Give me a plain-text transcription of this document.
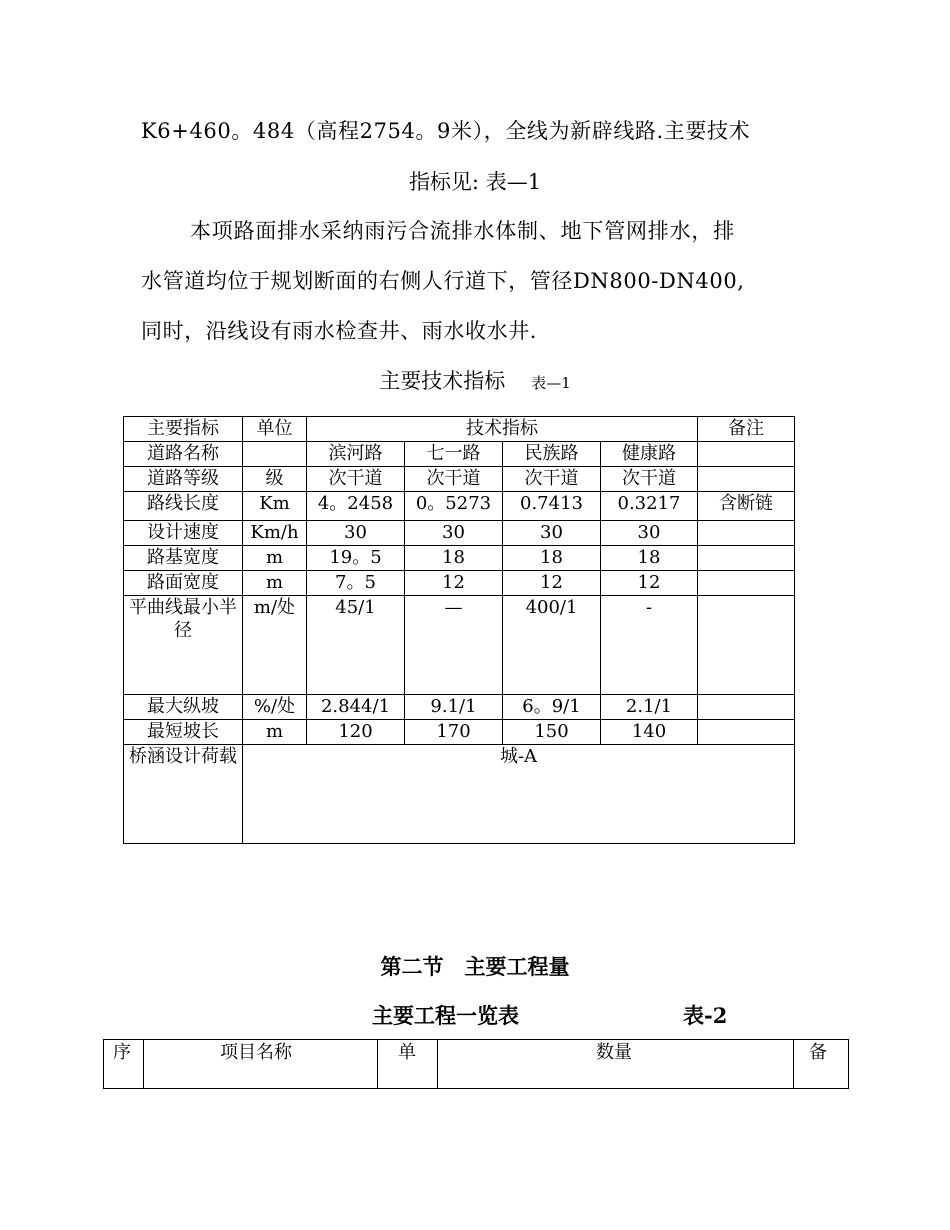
K6+460。484（高程2754。9米），全线为新辟线路.主要技术
指标见: 表—1
本项路面排水采纳雨污合流排水体制、地下管网排水，排
水管道均位于规划断面的右侧人行道下，管径DN800-DN400,
同时，沿线设有雨水检查井、雨水收水井.
主要技术指标 表—1
主要指标	单位	技术指标				备注
道路名称		滨河路	七一路	民族路	健康路	
道路等级	级	次干道	次干道	次干道	次干道	
路线长度	Km	4。2458	0。5273	0.7413	0.3217	含断链
设计速度	Km/h	30	30	30	30	
路基宽度	m	19。5	18	18	18	
路面宽度	m	7。5	12	12	12	
平曲线最小半径	m/处	45/1	—	400/1	-	
最大纵坡	%/处	2.844/1	9.1/1	6。9/1	2.1/1	
最短坡长	m	120	170	150	140	
桥涵设计荷载	城-A					
第二节　主要工程量
主要工程一览表	表-2
序	项目名称	单	数量	备
